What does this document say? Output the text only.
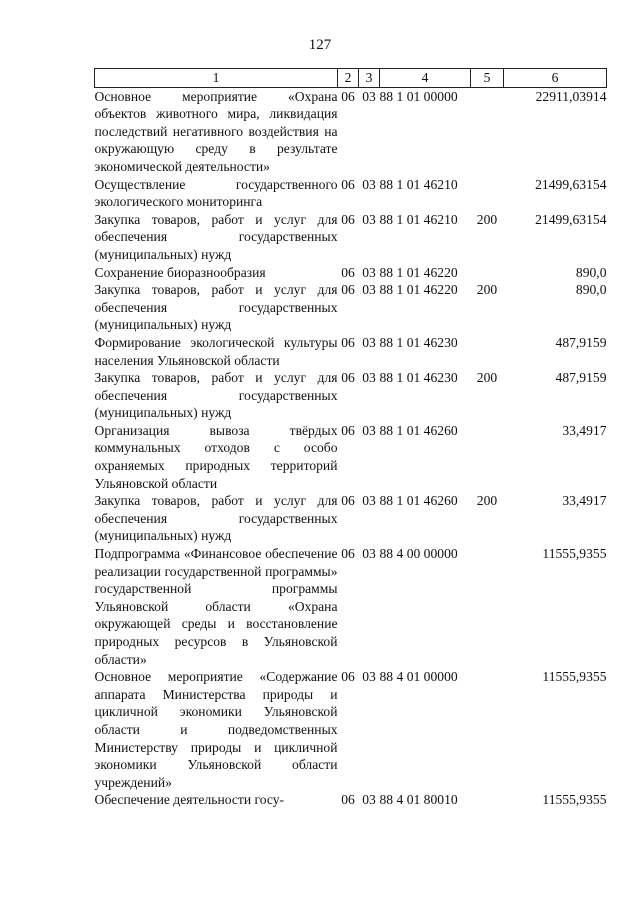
127
1	2	3	4	5	6
Основное мероприятие «Охрана объектов животного мира, ликвидация последствий негативного воздействия на окружающую среду в результате экономической деятельности»	06	03	88 1 01 00000		22911,03914
Осуществление государственного экологического мониторинга	06	03	88 1 01 46210		21499,63154
Закупка товаров, работ и услуг для обеспечения государственных (муниципальных) нужд	06	03	88 1 01 46210	200	21499,63154
Сохранение биоразнообразия	06	03	88 1 01 46220		890,0
Закупка товаров, работ и услуг для обеспечения государственных (муниципальных) нужд	06	03	88 1 01 46220	200	890,0
Формирование экологической культуры населения Ульяновской области	06	03	88 1 01 46230		487,9159
Закупка товаров, работ и услуг для обеспечения государственных (муниципальных) нужд	06	03	88 1 01 46230	200	487,9159
Организация вывоза твёрдых коммунальных отходов с особо охраняемых природных территорий Ульяновской области	06	03	88 1 01 46260		33,4917
Закупка товаров, работ и услуг для обеспечения государственных (муниципальных) нужд	06	03	88 1 01 46260	200	33,4917
Подпрограмма «Финансовое обеспечение реализации государственной программы» государственной программы Ульяновской области «Охрана окружающей среды и восстановление природных ресурсов в Ульяновской области»	06	03	88 4 00 00000		11555,9355
Основное мероприятие «Содержание аппарата Министерства природы и цикличной экономики Ульяновской области и подведомственных Министерству природы и цикличной экономики Ульяновской области учреждений»	06	03	88 4 01 00000		11555,9355
Обеспечение деятельности госу-	06	03	88 4 01 80010		11555,9355
